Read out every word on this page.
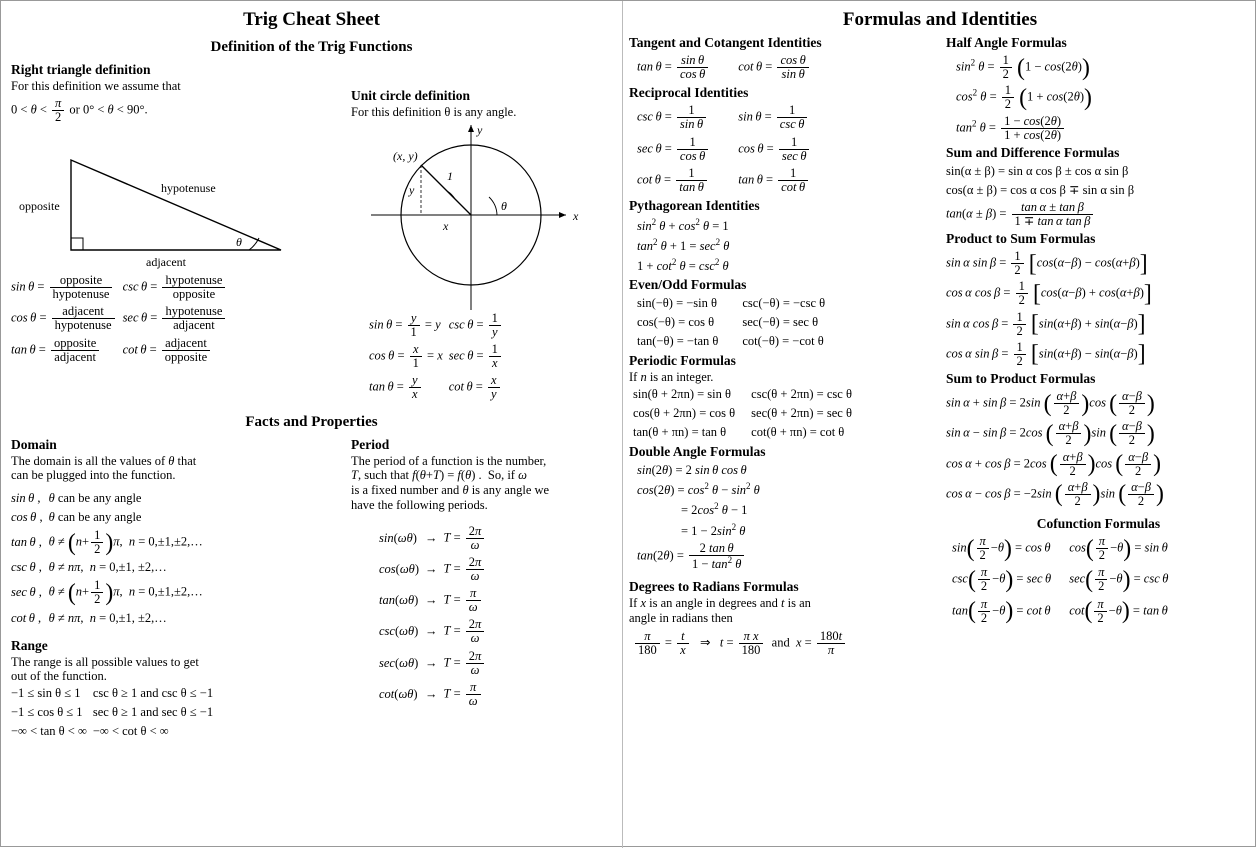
Trig Cheat Sheet
Definition of the Trig Functions
Right triangle definition
For this definition we assume that
$0 < \theta < \frac{\pi}{2}$ or 0° < θ < 90°.
opposite
hypotenuse
adjacent
θ
$\sin \theta = \frac{\text{opposite}}{\text{hypotenuse}}$	$\csc \theta = \frac{\text{hypotenuse}}{\text{opposite}}$

$\cos \theta = \frac{\text{adjacent}}{\text{hypotenuse}}$	$\sec \theta = \frac{\text{hypotenuse}}{\text{adjacent}}$

$\tan \theta = \frac{\text{opposite}}{\text{adjacent}}$	$\cot \theta = \frac{\text{adjacent}}{\text{opposite}}$
Unit circle definition
For this definition θ is any angle.
(x, y)
1
y
x
θ
x
y
$\sin \theta = \frac{y}{1} = y$	$\csc \theta = \frac{1}{y}$

$\cos \theta = \frac{x}{1} = x$	$\sec \theta = \frac{1}{x}$

$\tan \theta = \frac{y}{x}$	$\cot \theta = \frac{x}{y}$
Facts and Properties
Domain
The domain is all the values of θ that
can be plugged into the function.
sin θ ,	θ can be any angle
cos θ ,	θ can be any angle
tan θ ,	$\theta \ne (n+ \frac{1}{2} )\pi$,  n = 0,±1,±2,…
csc θ ,	θ ≠ nπ,  n = 0,±1, ±2,…
sec θ ,	$\theta \ne (n+ \frac{1}{2} )\pi$,  n = 0,±1,±2,…
cot θ ,	θ ≠ nπ,  n = 0,±1, ±2,…
Range
The range is all possible values to get
out of the function.
−1 ≤ sin θ ≤ 1	csc θ ≥ 1 and csc θ ≤ −1
−1 ≤ cos θ ≤ 1	sec θ ≥ 1 and sec θ ≤ −1
−∞ < tan θ < ∞	−∞ < cot θ < ∞
Period
The period of a function is the number,
T, such that f(θ+T) = f(θ) .  So, if ω
is a fixed number and θ is any angle we
have the following periods.
sin(ωθ)	→	$T = \frac{2\pi}{\omega}$

cos(ωθ)	→	$T = \frac{2\pi}{\omega}$

tan(ωθ)	→	$T = \frac{\pi}{\omega}$

csc(ωθ)	→	$T = \frac{2\pi}{\omega}$

sec(ωθ)	→	$T = \frac{2\pi}{\omega}$

cot(ωθ)	→	$T = \frac{\pi}{\omega}$
Formulas and Identities
Tangent and Cotangent Identities
$\tan \theta = \frac{\text{sin θ}}{\text{cos θ}}$	$\cot \theta = \frac{\text{cos θ}}{\text{sin θ}}$
Reciprocal Identities
$\csc \theta = \frac{1}{\text{sin θ}}$	$\sin \theta = \frac{1}{\text{csc θ}}$

$\sec \theta = \frac{1}{\text{cos θ}}$	$\cos \theta = \frac{1}{\text{sec θ}}$

$\cot \theta = \frac{1}{\text{tan θ}}$	$\tan \theta = \frac{1}{\text{cot θ}}$
Pythagorean Identities
$\sin^2 \theta + \cos^2 \theta = 1$
$\tan^2 \theta + 1 = \sec^2 \theta$
$1 + \cot^2 \theta = \csc^2 \theta$
Even/Odd Formulas
sin(−θ) = −sin θ	csc(−θ) = −csc θ
cos(−θ) = cos θ	sec(−θ) = sec θ
tan(−θ) = −tan θ	cot(−θ) = −cot θ
Periodic Formulas
If n is an integer.
sin(θ + 2πn) = sin θ	csc(θ + 2πn) = csc θ
cos(θ + 2πn) = cos θ	sec(θ + 2πn) = sec θ
tan(θ + πn) = tan θ	cot(θ + πn) = cot θ
Double Angle Formulas
sin(2θ) = 2 sin θ cos θ
$\cos(2\theta) = \cos^2 \theta - \sin^2 \theta$
= $2\cos^2$ θ − 1
= $1 - 2\sin^2$ θ
$\tan(2\theta) = \frac{\text{2 tan θ}}{1 - \tan^2 \theta}$
Degrees to Radians Formulas
If x is an angle in degrees and t is an
angle in radians then
$\frac{\pi}{180} = \frac{t}{x}$ ⇒   $t = \frac{\text{π x}}{180}$ and  $x = \frac{180t}{\pi}$
Half Angle Formulas
$\sin^2 \theta = \frac{1}{2} (1 - \cos(2\theta))$
$\cos^2 \theta = \frac{1}{2} (1 + \cos(2\theta))$
$\tan^2 \theta = \frac{1 - \cos(2\theta)}{1 + \cos(2\theta)}$
Sum and Difference Formulas
sin(α ± β) = sin α cos β ± cos α sin β
cos(α ± β) = cos α cos β ∓ sin α sin β
$\tan(\alpha \pm \beta) = \frac{\text{tan α ± tan β}}{\text{1 ∓ tan α tan β}}$
Product to Sum Formulas
sin α $\sin \beta = \frac{1}{2} [\cos(\alpha-\beta) - \cos(\alpha+\beta)]$
cos α $\cos \beta = \frac{1}{2} [\cos(\alpha-\beta) + \cos(\alpha+\beta)]$
sin α $\cos \beta = \frac{1}{2} [\sin(\alpha+\beta) + \sin(\alpha-\beta)]$
cos α $\sin \beta = \frac{1}{2} [\sin(\alpha+\beta) - \sin(\alpha-\beta)]$
Sum to Product Formulas
sin α + sin β = 2sin ( $\frac{\alpha+\beta}{2} )\cos$ ( $\frac{\alpha-\beta}{2}$ )
sin α − sin β = 2cos ( $\frac{\alpha+\beta}{2} )\sin$ ( $\frac{\alpha-\beta}{2}$ )
cos α + cos β = 2cos ( $\frac{\alpha+\beta}{2} )\cos$ ( $\frac{\alpha-\beta}{2}$ )
cos α − cos β = −2sin ( $\frac{\alpha+\beta}{2} )\sin$ ( $\frac{\alpha-\beta}{2}$ )
Cofunction Formulas
$\sin( \frac{\pi}{2} -\theta) = \cos \theta$	$\cos( \frac{\pi}{2} -\theta) = \sin \theta$
$\csc( \frac{\pi}{2} -\theta) = \sec \theta$	$\sec( \frac{\pi}{2} -\theta) = \csc \theta$
$\tan( \frac{\pi}{2} -\theta) = \cot \theta$	$\cot( \frac{\pi}{2} -\theta) = \tan \theta$
